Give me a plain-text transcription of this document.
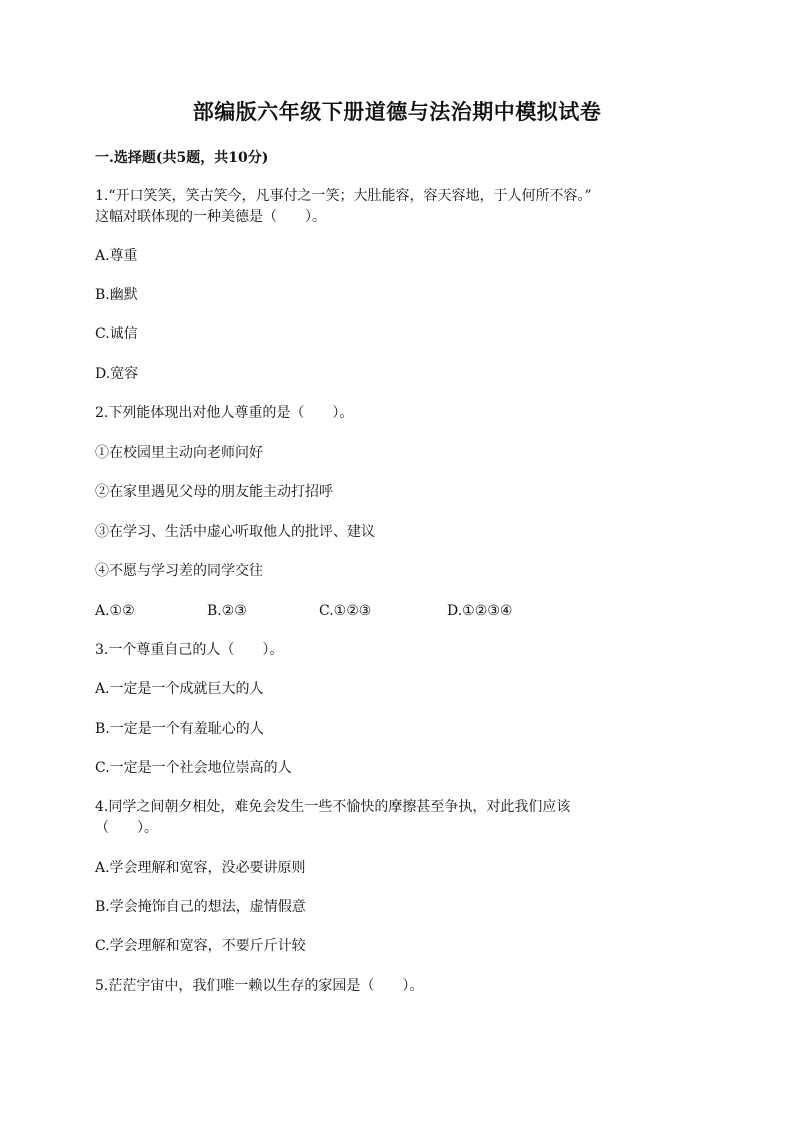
部编版六年级下册道德与法治期中模拟试卷
一.选择题(共5题，共10分)
1.“开口笑笑，笑古笑今，凡事付之一笑；大肚能容，容天容地，于人何所不容。”
这幅对联体现的一种美德是（　　）。
A.尊重
B.幽默
C.诚信
D.宽容
2.下列能体现出对他人尊重的是（　　）。
①在校园里主动向老师问好
②在家里遇见父母的朋友能主动打招呼
③在学习、生活中虚心听取他人的批评、建议
④不愿与学习差的同学交往
A.①②	B.②③	C.①②③	D.①②③④
3.一个尊重自己的人（　　）。
A.一定是一个成就巨大的人
B.一定是一个有羞耻心的人
C.一定是一个社会地位崇高的人
4.同学之间朝夕相处，难免会发生一些不愉快的摩擦甚至争执，对此我们应该
（　　）。
A.学会理解和宽容，没必要讲原则
B.学会掩饰自己的想法，虚情假意
C.学会理解和宽容，不要斤斤计较
5.茫茫宇宙中，我们唯一赖以生存的家园是（　　）。
